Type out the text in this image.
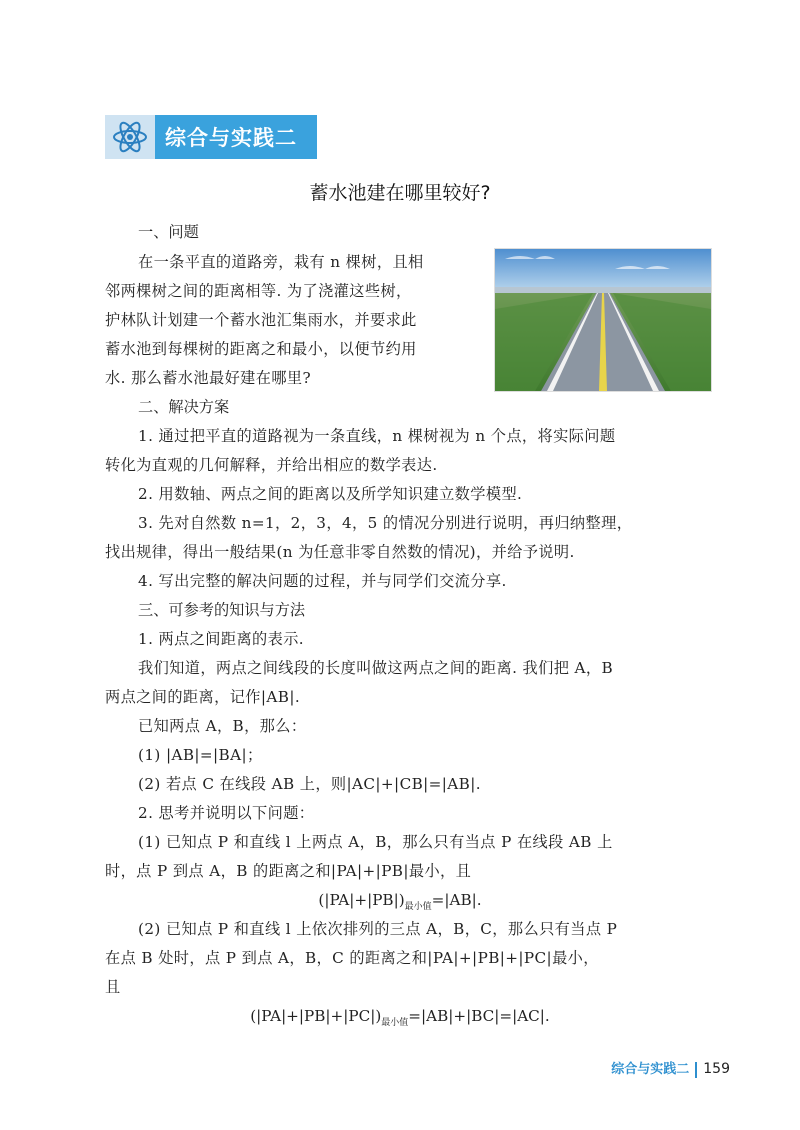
综合与实践二
蓄水池建在哪里较好?
一、问题
在一条平直的道路旁，栽有 n 棵树，且相
邻两棵树之间的距离相等. 为了浇灌这些树，
护林队计划建一个蓄水池汇集雨水，并要求此
蓄水池到每棵树的距离之和最小，以便节约用
水. 那么蓄水池最好建在哪里?
二、解决方案
1. 通过把平直的道路视为一条直线，n 棵树视为 n 个点，将实际问题
转化为直观的几何解释，并给出相应的数学表达.
2. 用数轴、两点之间的距离以及所学知识建立数学模型.
3. 先对自然数 n=1，2，3，4，5 的情况分别进行说明，再归纳整理，
找出规律，得出一般结果(n 为任意非零自然数的情况)，并给予说明.
4. 写出完整的解决问题的过程，并与同学们交流分享.
三、可参考的知识与方法
1. 两点之间距离的表示.
我们知道，两点之间线段的长度叫做这两点之间的距离. 我们把 A，B
两点之间的距离，记作|AB|.
已知两点 A，B，那么：
(1) |AB|=|BA|；
(2) 若点 C 在线段 AB 上，则|AC|+|CB|=|AB|.
2. 思考并说明以下问题：
(1) 已知点 P 和直线 l 上两点 A，B，那么只有当点 P 在线段 AB 上
时，点 P 到点 A，B 的距离之和|PA|+|PB|最小，且
$(|PA|+|PB|)_{最小值}=|AB|$.
(2) 已知点 P 和直线 l 上依次排列的三点 A，B，C，那么只有当点 P
在点 B 处时，点 P 到点 A，B，C 的距离之和|PA|+|PB|+|PC|最小，
且
$(|PA|+|PB|+|PC|)_{最小值}=|AB|+|BC|=|AC|$.
综合与实践二 159
